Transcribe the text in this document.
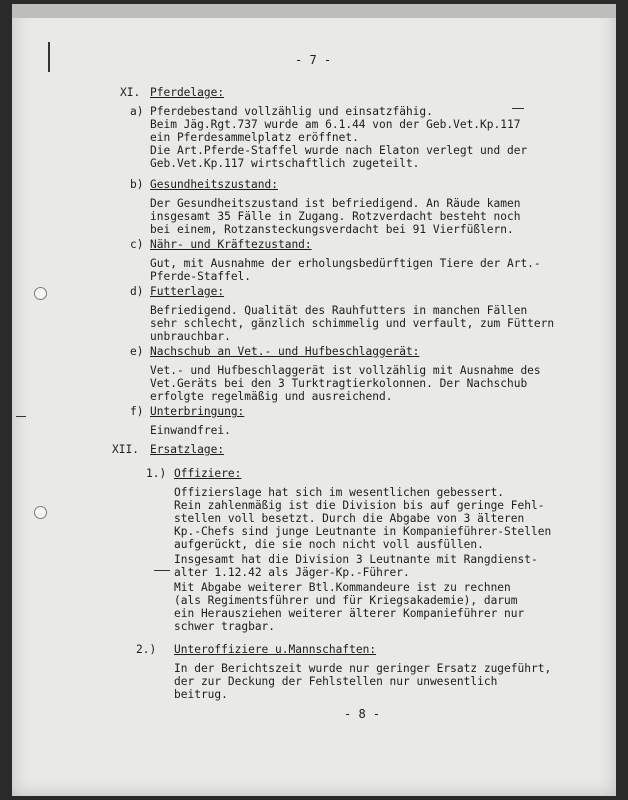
- 7 -
XI. Pferdelage:
a) Pferdebestand vollzählig und einsatzfähig.
Beim Jäg.Rgt.737 wurde am 6.1.44 von der Geb.Vet.Kp.117
ein Pferdesammelplatz eröffnet.
Die Art.Pferde-Staffel wurde nach Elaton verlegt und der
Geb.Vet.Kp.117 wirtschaftlich zugeteilt.
b) Gesundheitszustand:
Der Gesundheitszustand ist befriedigend. An Räude kamen
insgesamt 35 Fälle in Zugang. Rotzverdacht besteht noch
bei einem, Rotzansteckungsverdacht bei 91 Vierfüßlern.
c) Nähr- und Kräftezustand:
Gut, mit Ausnahme der erholungsbedürftigen Tiere der Art.-
Pferde-Staffel.
d) Futterlage:
Befriedigend. Qualität des Rauhfutters in manchen Fällen
sehr schlecht, gänzlich schimmelig und verfault, zum Füttern
unbrauchbar.
e) Nachschub an Vet.- und Hufbeschlaggerät:
Vet.- und Hufbeschlaggerät ist vollzählig mit Ausnahme des
Vet.Geräts bei den 3 Turktragtierkolonnen. Der Nachschub
erfolgte regelmäßig und ausreichend.
f) Unterbringung:
Einwandfrei.
XII. Ersatzlage:
1.) Offiziere:
Offizierslage hat sich im wesentlichen gebessert.
Rein zahlenmäßig ist die Division bis auf geringe Fehl-
stellen voll besetzt. Durch die Abgabe von 3 älteren
Kp.-Chefs sind junge Leutnante in Kompanieführer-Stellen
aufgerückt, die sie noch nicht voll ausfüllen.
Insgesamt hat die Division 3 Leutnante mit Rangdienst-
alter 1.12.42 als Jäger-Kp.-Führer.
Mit Abgabe weiterer Btl.Kommandeure ist zu rechnen
(als Regimentsführer und für Kriegsakademie), darum
ein Herausziehen weiterer älterer Kompanieführer nur
schwer tragbar.
2.) Unteroffiziere u.Mannschaften:
In der Berichtszeit wurde nur geringer Ersatz zugeführt,
der zur Deckung der Fehlstellen nur unwesentlich
beitrug.
- 8 -
